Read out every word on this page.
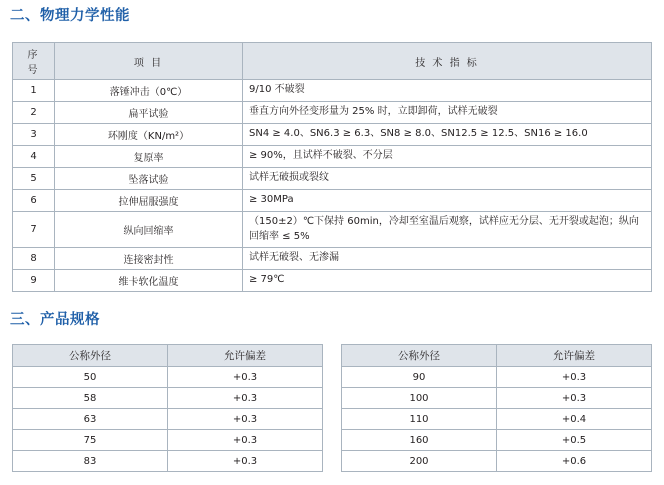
二、物理力学性能
序 号	项 目	技 术 指 标
1	落锤冲击（0℃）	9/10 不破裂
2	扁平试验	垂直方向外径变形量为 25% 时，立即卸荷，试样无破裂
3	环刚度（KN/m²）	SN4 ≥ 4.0、SN6.3 ≥ 6.3、SN8 ≥ 8.0、SN12.5 ≥ 12.5、SN16 ≥ 16.0
4	复原率	≥ 90%，且试样不破裂、不分层
5	坠落试验	试样无破损或裂纹
6	拉伸屈服强度	≥ 30MPa
7	纵向回缩率	（150±2）℃下保持 60min，冷却至室温后观察，试样应无分层、无开裂或起泡；纵向回缩率 ≤ 5%
8	连接密封性	试样无破裂、无渗漏
9	维卡软化温度	≥ 79℃
三、产品规格
公称外径	允许偏差
50	+0.3
58	+0.3
63	+0.3
75	+0.3
83	+0.3
公称外径	允许偏差
90	+0.3
100	+0.3
110	+0.4
160	+0.5
200	+0.6
